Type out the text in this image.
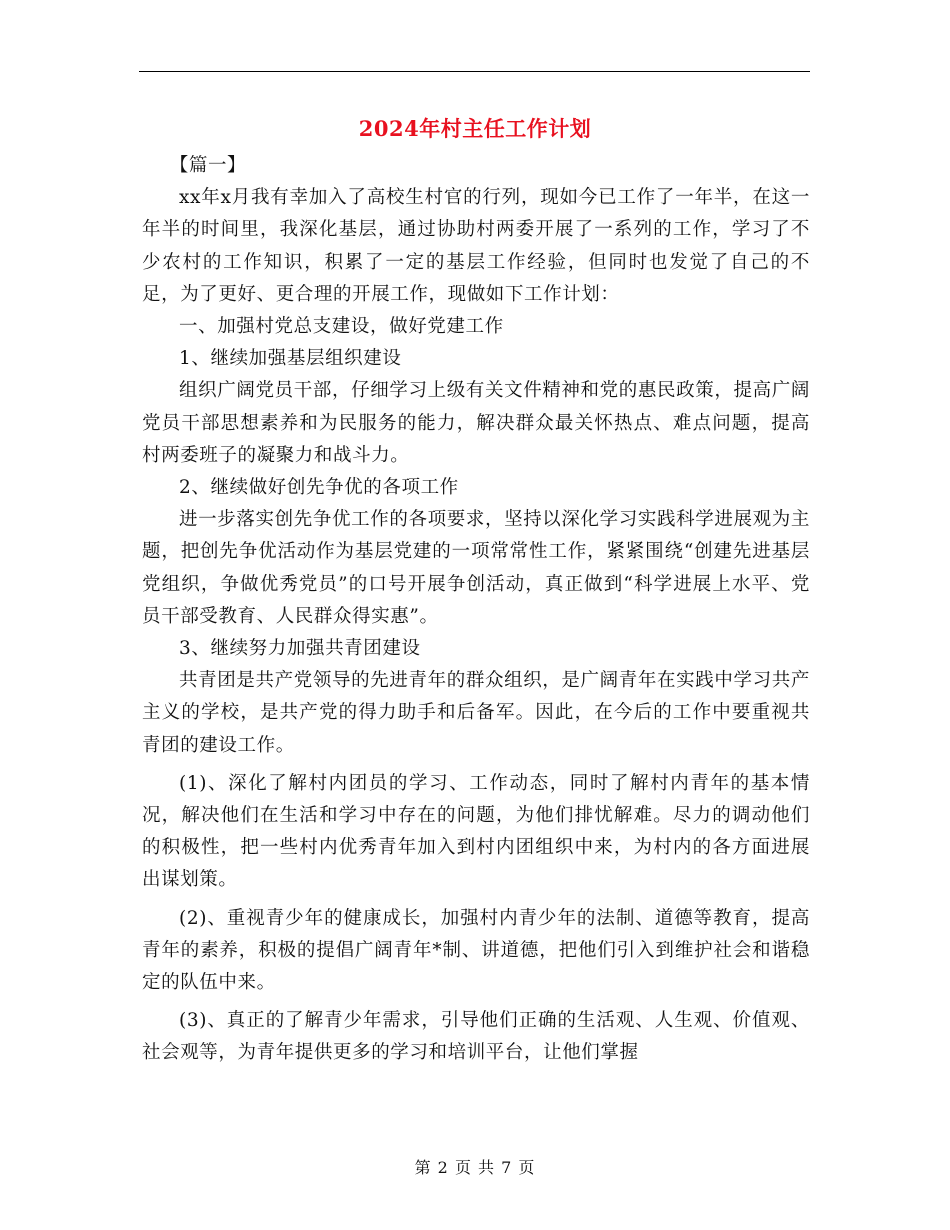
2024年村主任工作计划

【篇一】

xx年x月我有幸加入了高校生村官的行列，现如今已工作了一年半，在这一年半的时间里，我深化基层，通过协助村两委开展了一系列的工作，学习了不少农村的工作知识，积累了一定的基层工作经验，但同时也发觉了自己的不足，为了更好、更合理的开展工作，现做如下工作计划：

一、加强村党总支建设，做好党建工作

1、继续加强基层组织建设

组织广阔党员干部，仔细学习上级有关文件精神和党的惠民政策，提高广阔党员干部思想素养和为民服务的能力，解决群众最关怀热点、难点问题，提高村两委班子的凝聚力和战斗力。

2、继续做好创先争优的各项工作

进一步落实创先争优工作的各项要求，坚持以深化学习实践科学进展观为主题，把创先争优活动作为基层党建的一项常常性工作，紧紧围绕“创建先进基层党组织，争做优秀党员”的口号开展争创活动，真正做到“科学进展上水平、党员干部受教育、人民群众得实惠”。

3、继续努力加强共青团建设

共青团是共产党领导的先进青年的群众组织，是广阔青年在实践中学习共产主义的学校，是共产党的得力助手和后备军。因此，在今后的工作中要重视共青团的建设工作。

(1)、深化了解村内团员的学习、工作动态，同时了解村内青年的基本情况，解决他们在生活和学习中存在的问题，为他们排忧解难。尽力的调动他们的积极性，把一些村内优秀青年加入到村内团组织中来，为村内的各方面进展出谋划策。

(2)、重视青少年的健康成长，加强村内青少年的法制、道德等教育，提高青年的素养，积极的提倡广阔青年*制、讲道德，把他们引入到维护社会和谐稳定的队伍中来。

(3)、真正的了解青少年需求，引导他们正确的生活观、人生观、价值观、社会观等，为青年提供更多的学习和培训平台，让他们掌握

第 2 页 共 7 页
